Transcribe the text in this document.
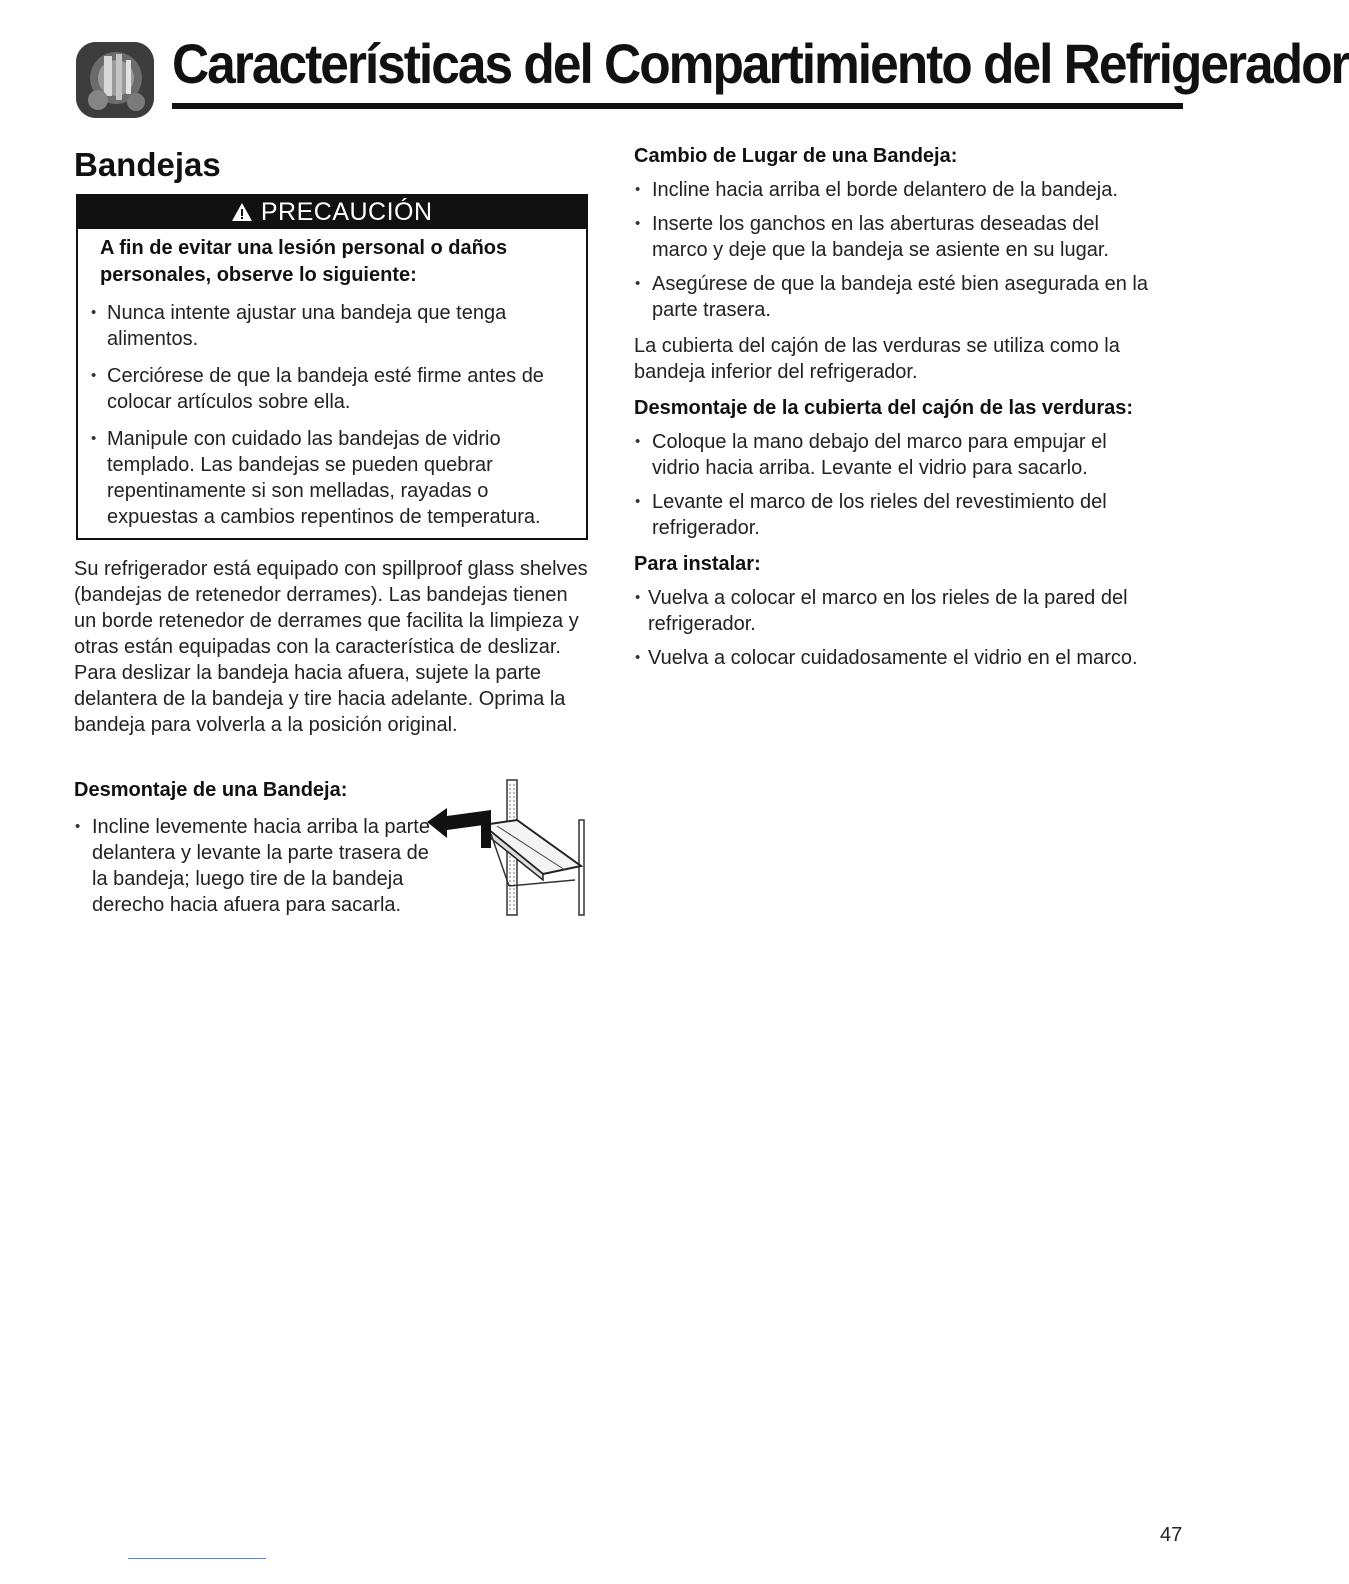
Características del Compartimiento del Refrigerador
Bandejas
PRECAUCIÓN

A fin de evitar una lesión personal o daños personales, observe lo siguiente:

• Nunca intente ajustar una bandeja que tenga alimentos.
• Cerciórese de que la bandeja esté firme antes de colocar artículos sobre ella.
• Manipule con cuidado las bandejas de vidrio templado. Las bandejas se pueden quebrar repentinamente si son melladas, rayadas o expuestas a cambios repentinos de temperatura.

Su refrigerador está equipado con spillproof glass shelves (bandejas de retenedor derrames). Las bandejas tienen un borde retenedor de derrames que facilita la limpieza y otras están equipadas con la característica de deslizar. Para deslizar la bandeja hacia afuera, sujete la parte delantera de la bandeja y tire hacia adelante. Oprima la bandeja para volverla a la posición original.

Desmontaje de una Bandeja:
• Incline levemente hacia arriba la parte delantera y levante la parte trasera de la bandeja; luego tire de la bandeja derecho hacia afuera para sacarla.
Cambio de Lugar de una Bandeja:
• Incline hacia arriba el borde delantero de la bandeja.
• Inserte los ganchos en las aberturas deseadas del marco y deje que la bandeja se asiente en su lugar.
• Asegúrese de que la bandeja esté bien asegurada en la parte trasera.

La cubierta del cajón de las verduras se utiliza como la bandeja inferior del refrigerador.

Desmontaje de la cubierta del cajón de las verduras:
• Coloque la mano debajo del marco para empujar el vidrio hacia arriba. Levante el vidrio para sacarlo.
• Levante el marco de los rieles del revestimiento del refrigerador.
Para instalar:
• Vuelva a colocar el marco en los rieles de la pared del refrigerador.
• Vuelva a colocar cuidadosamente el vidrio en el marco.
47
